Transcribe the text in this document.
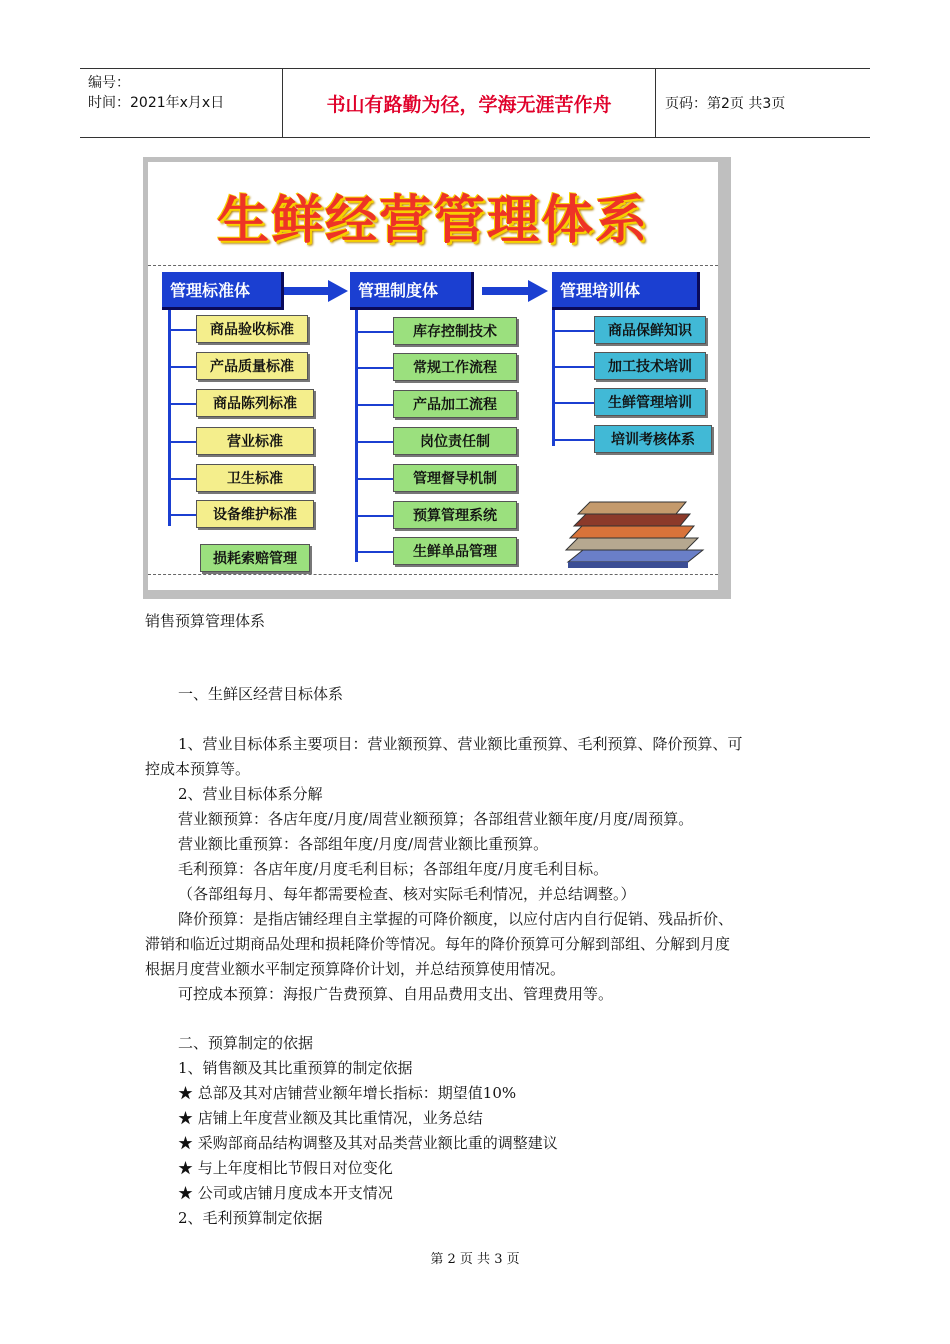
编号：
时间：2021年x月x日	书山有路勤为径，学海无涯苦作舟	页码：第2页 共3页
生鲜经营管理体系
管理标准体	管理制度体	管理培训体
商品验收标准
产品质量标准
商品陈列标准
营业标准
卫生标准
设备维护标准
损耗索赔管理
库存控制技术
常规工作流程
产品加工流程
岗位责任制
管理督导机制
预算管理系统
生鲜单品管理
商品保鲜知识
加工技术培训
生鲜管理培训
培训考核体系
销售预算管理体系
一、生鲜区经营目标体系
1、营业目标体系主要项目：营业额预算、营业额比重预算、毛利预算、降价预算、可
控成本预算等。
2、营业目标体系分解
营业额预算：各店年度/月度/周营业额预算；各部组营业额年度/月度/周预算。
营业额比重预算：各部组年度/月度/周营业额比重预算。
毛利预算：各店年度/月度毛利目标；各部组年度/月度毛利目标。
（各部组每月、每年都需要检查、核对实际毛利情况，并总结调整。）
降价预算：是指店铺经理自主掌握的可降价额度，以应付店内自行促销、残品折价、
滞销和临近过期商品处理和损耗降价等情况。每年的降价预算可分解到部组、分解到月度
根据月度营业额水平制定预算降价计划，并总结预算使用情况。
可控成本预算：海报广告费预算、自用品费用支出、管理费用等。
二、预算制定的依据
1、销售额及其比重预算的制定依据
★ 总部及其对店铺营业额年增长指标：期望值10%
★ 店铺上年度营业额及其比重情况，业务总结
★ 采购部商品结构调整及其对品类营业额比重的调整建议
★ 与上年度相比节假日对位变化
★ 公司或店铺月度成本开支情况
2、毛利预算制定依据
第 2 页 共 3 页
